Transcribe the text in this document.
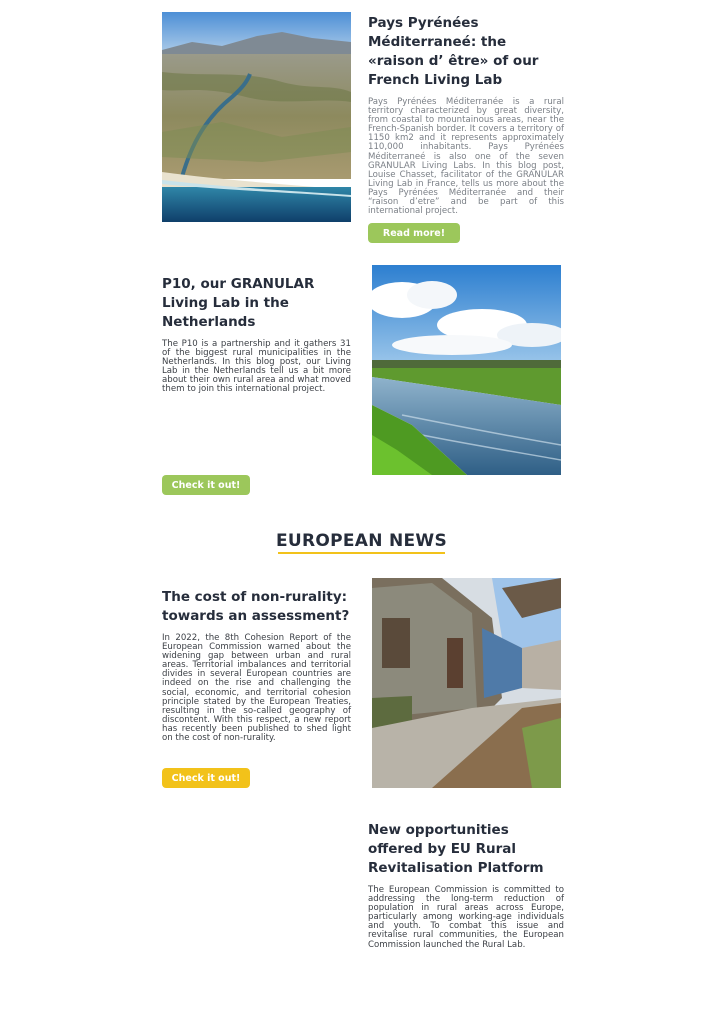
Pays Pyrénées Méditerraneé: the «raison d’ être» of our French Living Lab

Pays Pyrénées Méditerranée is a rural territory characterized by great diversity, from coastal to mountainous areas, near the French-Spanish border. It covers a territory of 1150 km2 and it represents approximately 110,000 inhabitants. Pays Pyrénées Méditerraneé is also one of the seven GRANULAR Living Labs. In this blog post, Louise Chasset, facilitator of the GRANULAR Living Lab in France, tells us more about the Pays Pyrénées Méditerranée and their “raison d’etre” and be part of this international project.

Read more!
P10, our GRANULAR Living Lab in the Netherlands

The P10 is a partnership and it gathers 31 of the biggest rural municipalities in the Netherlands. In this blog post, our Living Lab in the Netherlands tell us a bit more about their own rural area and what moved them to join this international project.

Check it out!
EUROPEAN NEWS
The cost of non-rurality: towards an assessment?

In 2022, the 8th Cohesion Report of the European Commission warned about the widening gap between urban and rural areas. Territorial imbalances and territorial divides in several European countries are indeed on the rise and challenging the social, economic, and territorial cohesion principle stated by the European Treaties, resulting in the so-called geography of discontent. With this respect, a new report has recently been published to shed light on the cost of non-rurality.

Check it out!
New opportunities offered by EU Rural Revitalisation Platform

The European Commission is committed to addressing the long-term reduction of population in rural areas across Europe, particularly among working-age individuals and youth. To combat this issue and revitalise rural communities, the European Commission launched the Rural Lab.
